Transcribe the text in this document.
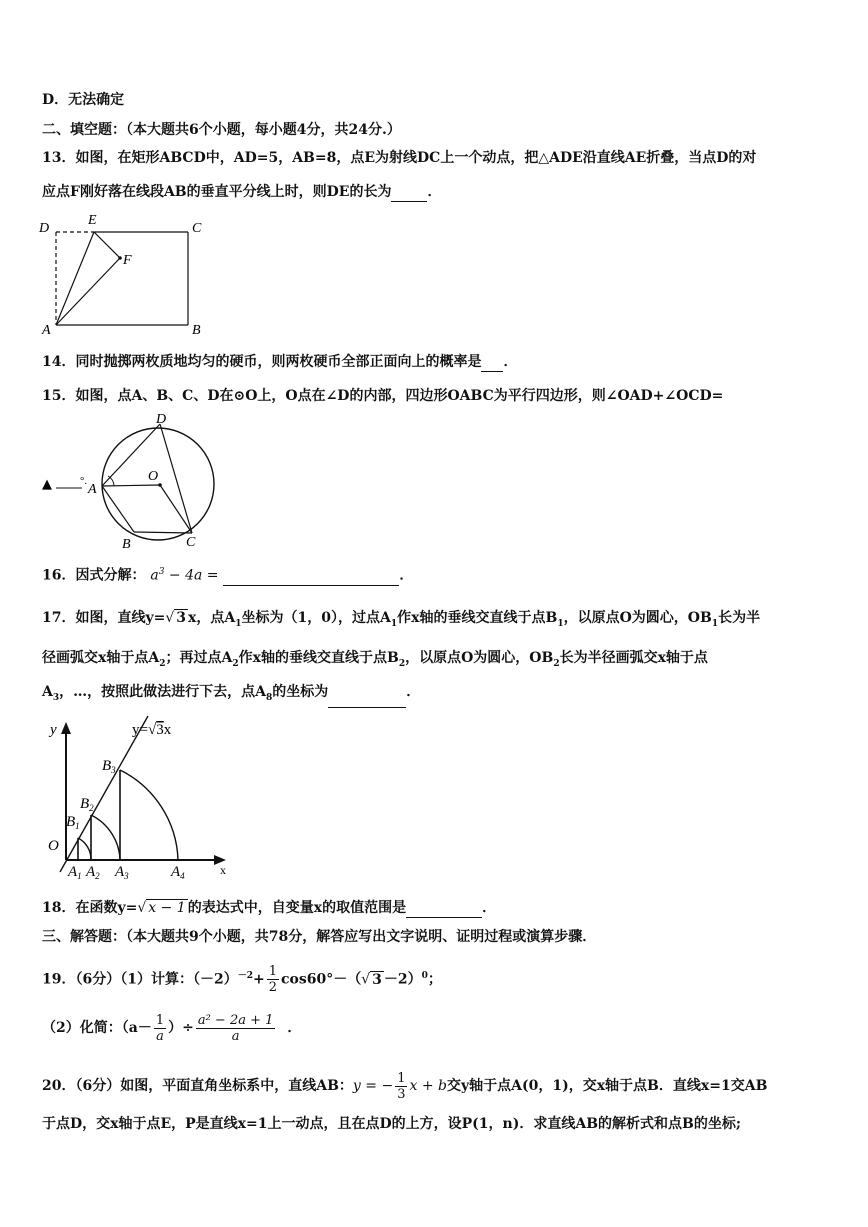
D．无法确定
二、填空题：（本大题共6个小题，每小题4分，共24分.）
13．如图，在矩形ABCD中，AD=5，AB=8，点E为射线DC上一个动点，把△ADE沿直线AE折叠，当点D的对
应点F刚好落在线段AB的垂直平分线上时，则DE的长为	．
D
E
C
F
A	B
14．同时抛掷两枚质地均匀的硬币，则两枚硬币全部正面向上的概率是 ．
15．如图，点A、B、C、D在⊙O上，O点在∠D的内部，四边形OABC为平行四边形，则∠OAD+∠OCD=
▲	°.
D
O
A
B	C
16．因式分解： $a^3 - 4a$ =	．
17．如图，直线y=√ 3 x，点$A_1$坐标为（1，0），过点$A_1$作x轴的垂线交直线于点$B_1$，以原点O为圆心，$OB_1$长为半
径画弧交x轴于点$A_2$；再过点$A_2$作x轴的垂线交直线于点$B_2$，以原点O为圆心，$OB_2$长为半径画弧交x轴于点
$A_3$，…，按照此做法进行下去，点$A_8$的坐标为	．
y=√3x
y
x
O
$B_1$
$B_2$
$B_3$
$A_1$ $A_2$ $A_3$	$A_4$
18．在函数y=√ x − 1 的表达式中，自变量x的取值范围是	．
三、解答题：（本大题共9个小题，共78分，解答应写出文字说明、证明过程或演算步骤．
19．（6分）（1）计算：$(-2)^{-2}+ \frac{1}{2} \cos 60^\circ-(√$ 3 －2）$^0$；
（2）化简：（$a- \frac{1}{a}$ ）÷ $\frac{\text{a² − 2a + 1}}{a}$ ．
20．（6分）如图，平面直角坐标系中，直线AB：y = − $\frac{1}{3}$ x + b交y轴于点A(0，1)，交x轴于点B．直线x=1交AB
于点D，交x轴于点E，P是直线x=1上一动点，且在点D的上方，设P(1，n)．求直线AB的解析式和点B的坐标;
